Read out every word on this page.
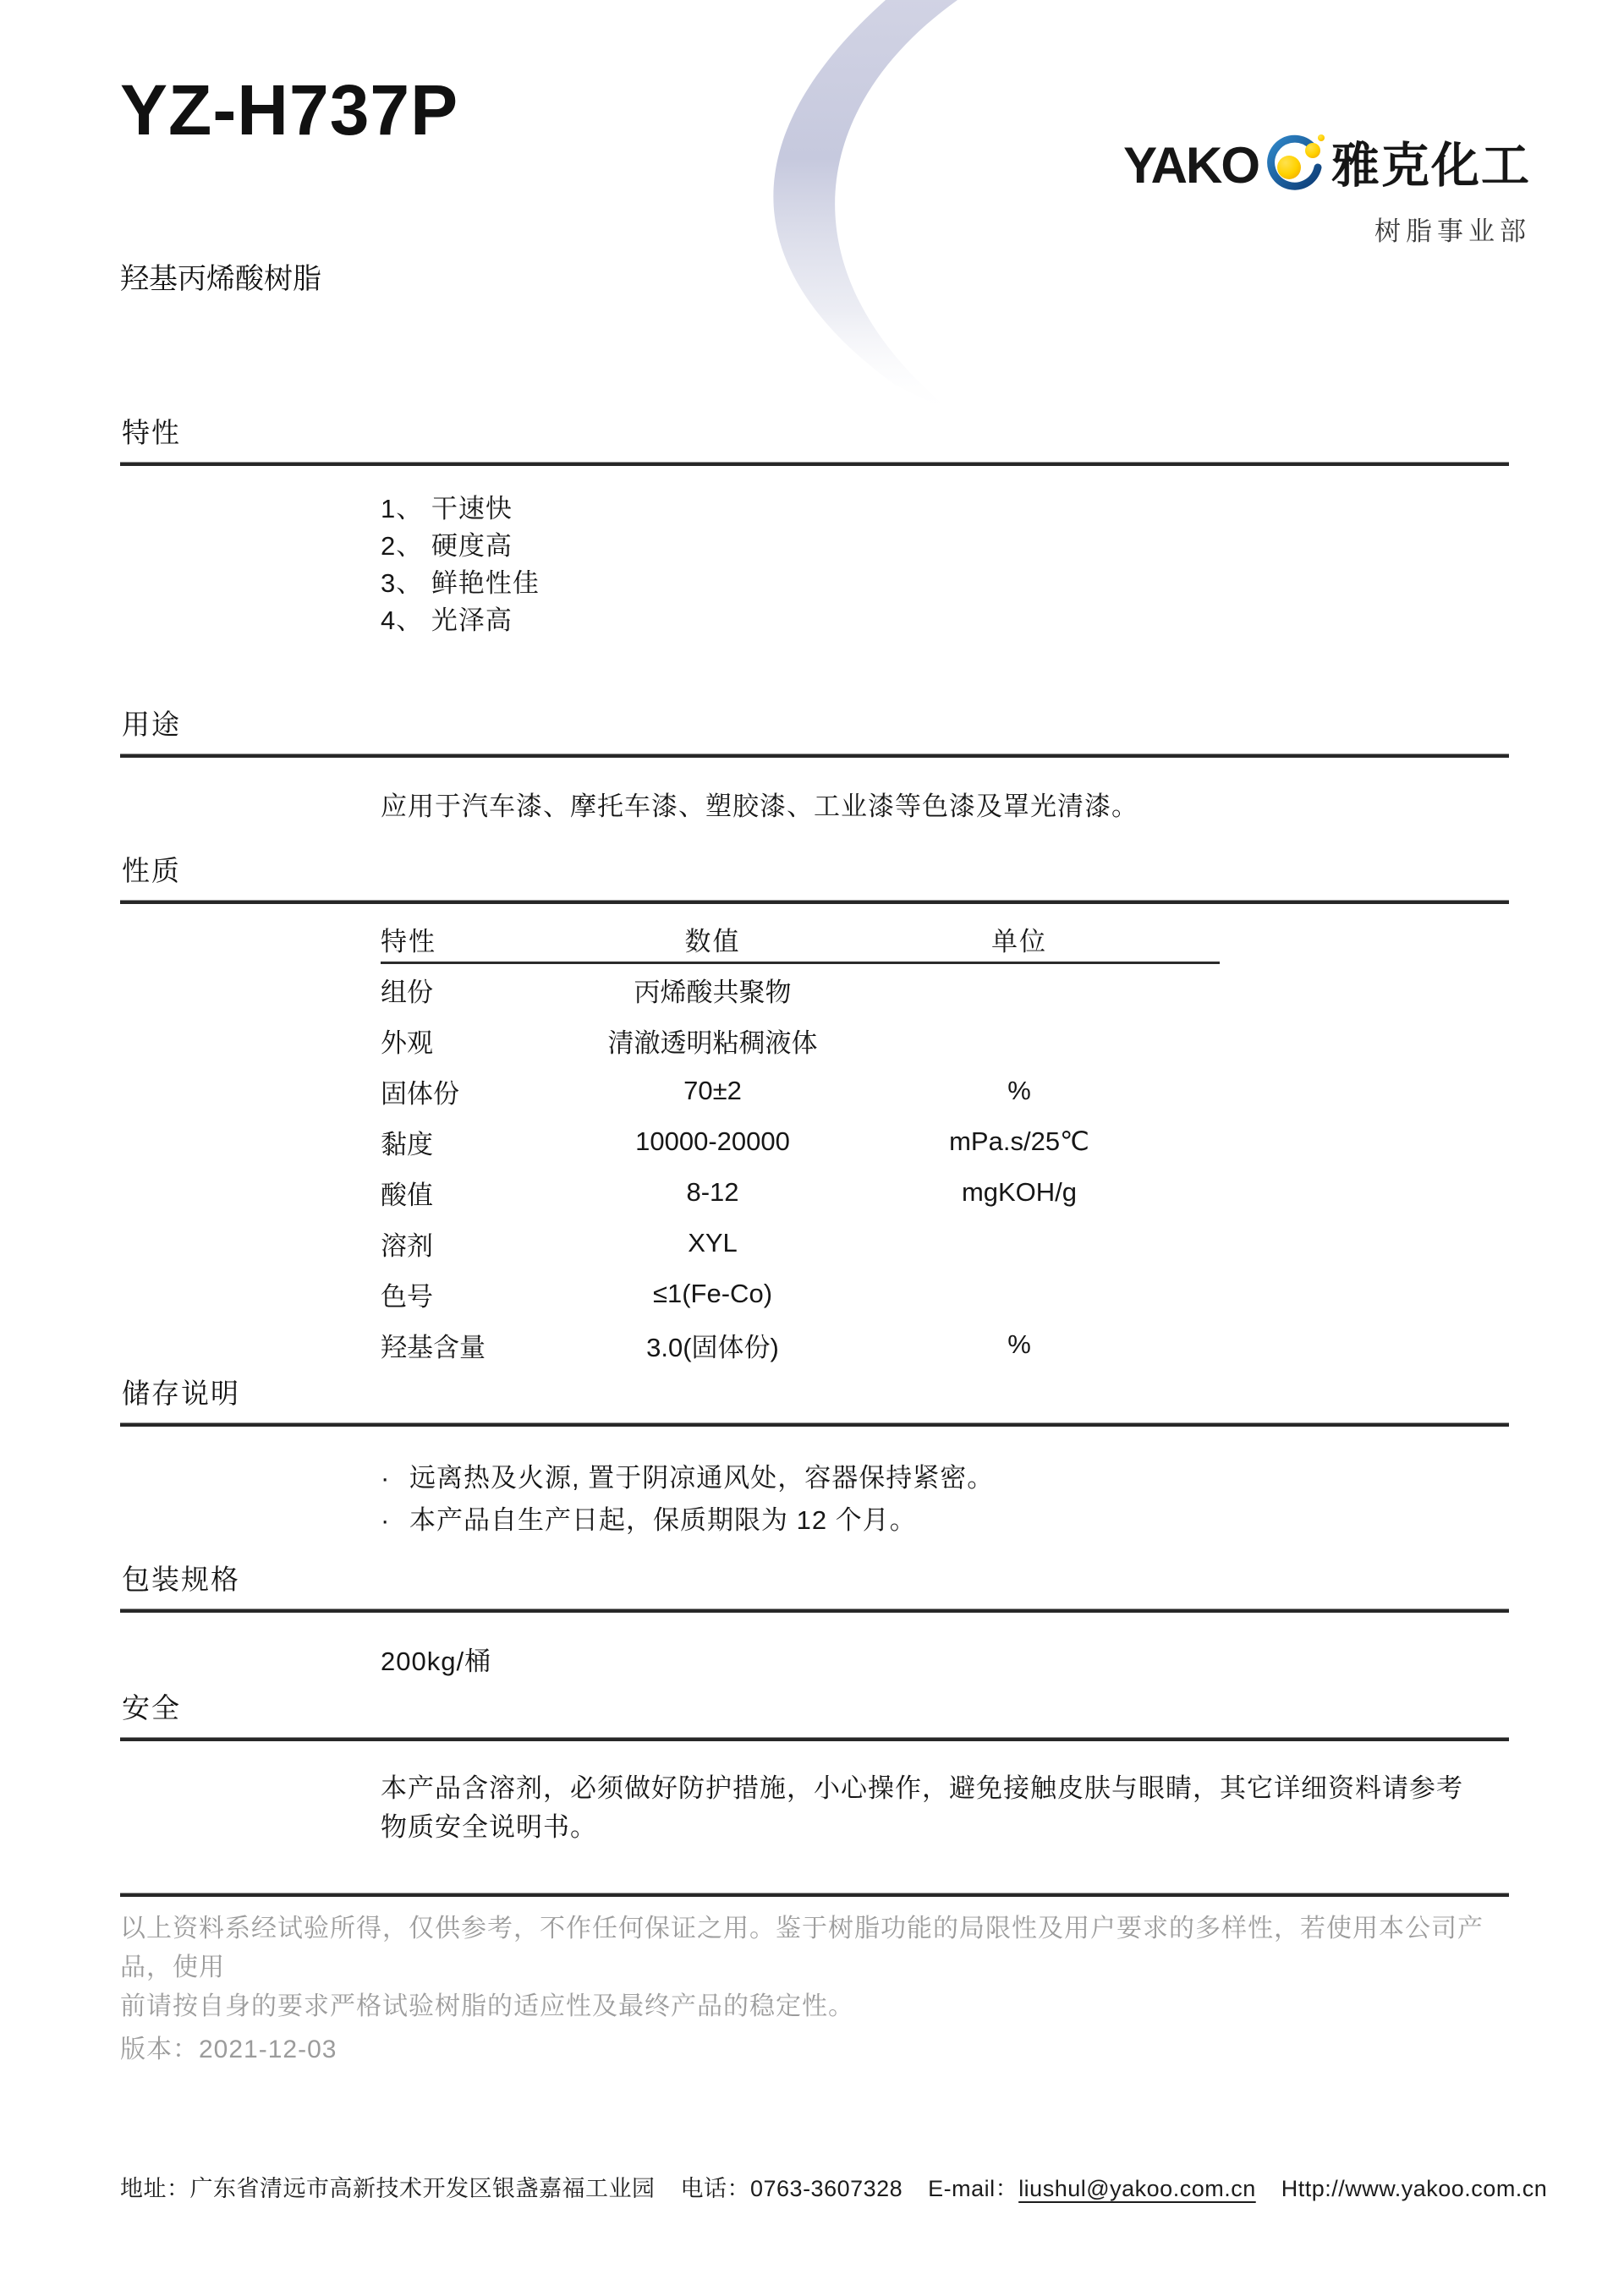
YZ-H737P
YAKO 雅克化工
树脂事业部
羟基丙烯酸树脂
特性
1、 干速快
2、 硬度高
3、 鲜艳性佳
4、 光泽高
用途
应用于汽车漆、摩托车漆、塑胶漆、工业漆等色漆及罩光清漆。
性质
特性	数值	单位
组份	丙烯酸共聚物
外观	清澈透明粘稠液体
固体份	70±2	%
黏度	10000-20000	mPa.s/25℃
酸值	8-12	mgKOH/g
溶剂	XYL
色号	≤1(Fe-Co)
羟基含量	3.0(固体份)	%
储存说明
· 远离热及火源, 置于阴凉通风处，容器保持紧密。
· 本产品自生产日起，保质期限为 12 个月。
包装规格
200kg/桶
安全
本产品含溶剂，必须做好防护措施，小心操作，避免接触皮肤与眼睛，其它详细资料请参考
物质安全说明书。
以上资料系经试验所得，仅供参考，不作任何保证之用。鉴于树脂功能的局限性及用户要求的多样性，若使用本公司产品，使用
前请按自身的要求严格试验树脂的适应性及最终产品的稳定性。
版本：2021-12-03
地址：广东省清远市高新技术开发区银盏嘉福工业园 电话：0763-3607328 E-mail： liushul@yakoo.com.cn Http://www.yakoo.com.cn
